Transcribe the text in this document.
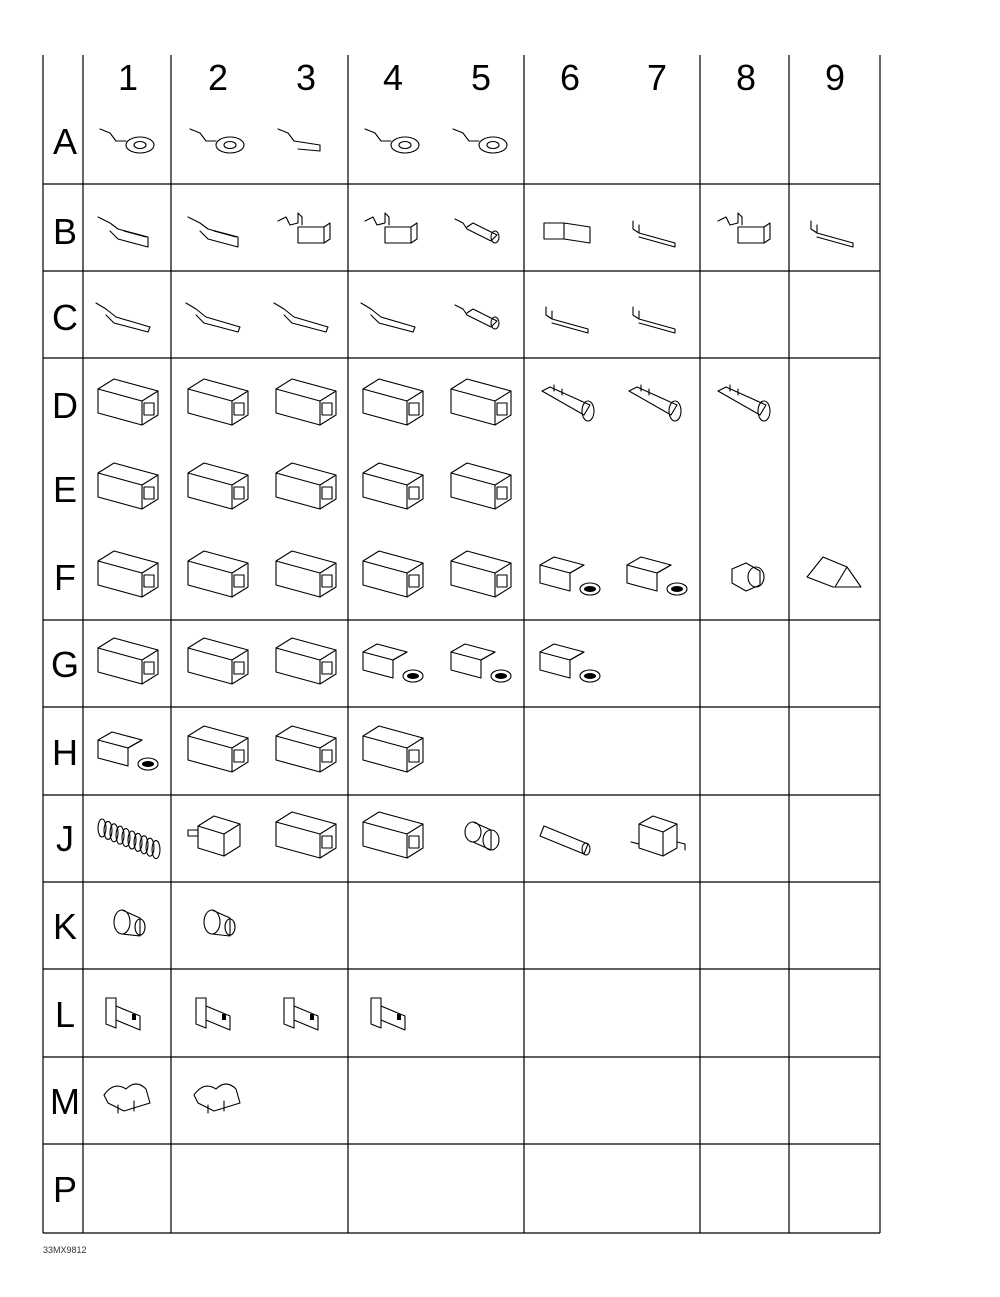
1 2 3 4 5 6 7 8 9
A
B
C
D
E
F
G
H
J
K
L
M
P
33MX9812
